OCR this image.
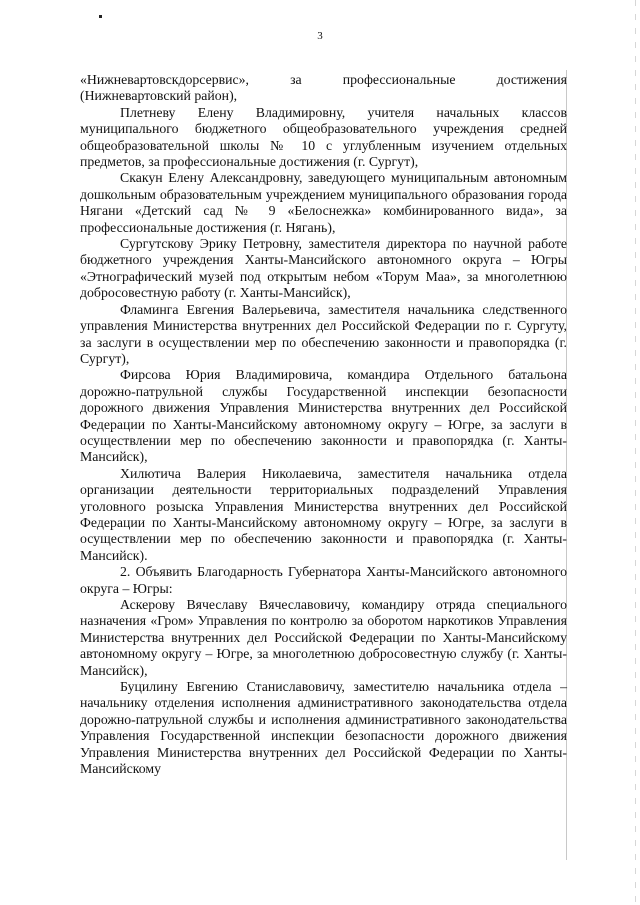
3

«Нижневартовскдорсервис», за профессиональные достижения (Нижневартовский район),

Плетневу Елену Владимировну, учителя начальных классов муниципального бюджетного общеобразовательного учреждения средней общеобразовательной школы № 10 с углубленным изучением отдельных предметов, за профессиональные достижения (г. Сургут),

Скакун Елену Александровну, заведующего муниципальным автономным дошкольным образовательным учреждением муниципального образования города Нягани «Детский сад № 9 «Белоснежка» комбинированного вида», за профессиональные достижения (г. Нягань),

Сургутскову Эрику Петровну, заместителя директора по научной работе бюджетного учреждения Ханты-Мансийского автономного округа – Югры «Этнографический музей под открытым небом «Торум Маа», за многолетнюю добросовестную работу (г. Ханты-Мансийск),

Фламинга Евгения Валерьевича, заместителя начальника следственного управления Министерства внутренних дел Российской Федерации по г. Сургуту, за заслуги в осуществлении мер по обеспечению законности и правопорядка (г. Сургут),

Фирсова Юрия Владимировича, командира Отдельного батальона дорожно-патрульной службы Государственной инспекции безопасности дорожного движения Управления Министерства внутренних дел Российской Федерации по Ханты-Мансийскому автономному округу – Югре, за заслуги в осуществлении мер по обеспечению законности и правопорядка (г. Ханты-Мансийск),

Хилютича Валерия Николаевича, заместителя начальника отдела организации деятельности территориальных подразделений Управления уголовного розыска Управления Министерства внутренних дел Российской Федерации по Ханты-Мансийскому автономному округу – Югре, за заслуги в осуществлении мер по обеспечению законности и правопорядка (г. Ханты-Мансийск).

2. Объявить Благодарность Губернатора Ханты-Мансийского автономного округа – Югры:

Аскерову Вячеславу Вячеславовичу, командиру отряда специального назначения «Гром» Управления по контролю за оборотом наркотиков Управления Министерства внутренних дел Российской Федерации по Ханты-Мансийскому автономному округу – Югре, за многолетнюю добросовестную службу (г. Ханты-Мансийск),

Буцилину Евгению Станиславовичу, заместителю начальника отдела – начальнику отделения исполнения административного законодательства отдела дорожно-патрульной службы и исполнения административного законодательства Управления Государственной инспекции безопасности дорожного движения Управления Министерства внутренних дел Российской Федерации по Ханты-Мансийскому
